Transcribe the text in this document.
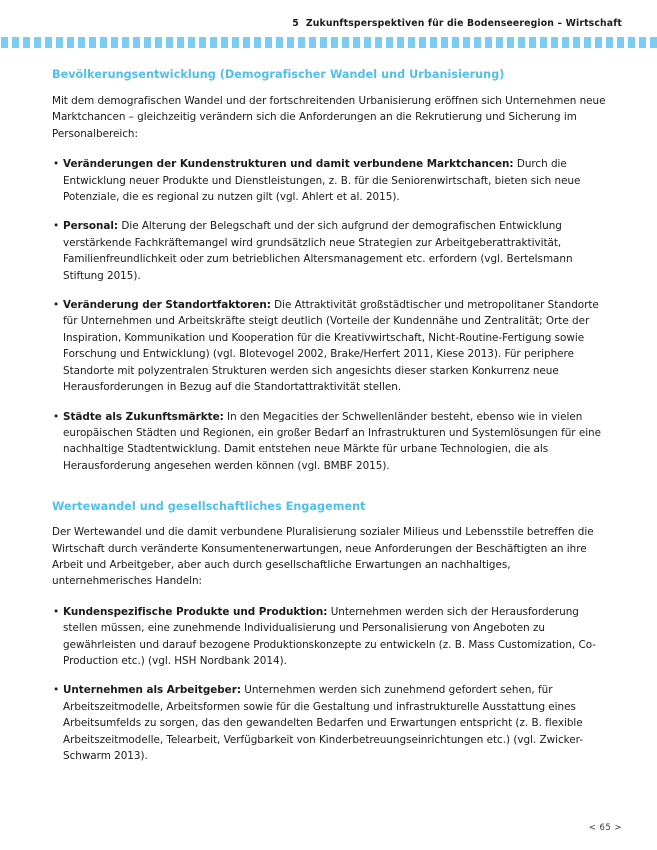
5 Zukunftsperspektiven für die Bodenseeregion – Wirtschaft
Bevölkerungsentwicklung (Demografischer Wandel und Urbanisierung)

Mit dem demografischen Wandel und der fortschreitenden Urbanisierung eröffnen sich Unternehmen neue Marktchancen – gleichzeitig verändern sich die Anforderungen an die Rekrutierung und Sicherung im Personalbereich:

• Veränderungen der Kundenstrukturen und damit verbundene Marktchancen: Durch die Entwicklung neuer Produkte und Dienstleistungen, z. B. für die Seniorenwirtschaft, bieten sich neue Potenziale, die es regional zu nutzen gilt (vgl. Ahlert et al. 2015).
• Personal: Die Alterung der Belegschaft und der sich aufgrund der demografischen Entwicklung verstärkende Fachkräftemangel wird grundsätzlich neue Strategien zur Arbeitgeberattraktivität, Familienfreundlichkeit oder zum betrieblichen Altersmanagement etc. erfordern (vgl. Bertelsmann Stiftung 2015).
• Veränderung der Standortfaktoren: Die Attraktivität großstädtischer und metropolitaner Standorte für Unternehmen und Arbeitskräfte steigt deutlich (Vorteile der Kundennähe und Zentralität; Orte der Inspiration, Kommunikation und Kooperation für die Kreativwirtschaft, Nicht-Routine-Fertigung sowie Forschung und Entwicklung) (vgl. Blotevogel 2002, Brake/Herfert 2011, Kiese 2013). Für periphere Standorte mit polyzentralen Strukturen werden sich angesichts dieser starken Konkurrenz neue Herausforderungen in Bezug auf die Standortattraktivität stellen.
• Städte als Zukunftsmärkte: In den Megacities der Schwellenländer besteht, ebenso wie in vielen europäischen Städten und Regionen, ein großer Bedarf an Infrastrukturen und Systemlösungen für eine nachhaltige Stadtentwicklung. Damit entstehen neue Märkte für urbane Technologien, die als Herausforderung angesehen werden können (vgl. BMBF 2015).
Wertewandel und gesellschaftliches Engagement

Der Wertewandel und die damit verbundene Pluralisierung sozialer Milieus und Lebensstile betreffen die Wirtschaft durch veränderte Konsumentenerwartungen, neue Anforderungen der Beschäftigten an ihre Arbeit und Arbeitgeber, aber auch durch gesellschaftliche Erwartungen an nachhaltiges, unternehmerisches Handeln:

• Kundenspezifische Produkte und Produktion: Unternehmen werden sich der Herausforderung stellen müssen, eine zunehmende Individualisierung und Personalisierung von Angeboten zu gewährleisten und darauf bezogene Produktionskonzepte zu entwickeln (z. B. Mass Customization, Co-Production etc.) (vgl. HSH Nordbank 2014).
• Unternehmen als Arbeitgeber: Unternehmen werden sich zunehmend gefordert sehen, für Arbeitszeitmodelle, Arbeitsformen sowie für die Gestaltung und infrastrukturelle Ausstattung eines Arbeitsumfelds zu sorgen, das den gewandelten Bedarfen und Erwartungen entspricht (z. B. flexible Arbeitszeitmodelle, Telearbeit, Verfügbarkeit von Kinderbetreuungseinrichtungen etc.) (vgl. Zwicker-Schwarm 2013).
< 65 >
